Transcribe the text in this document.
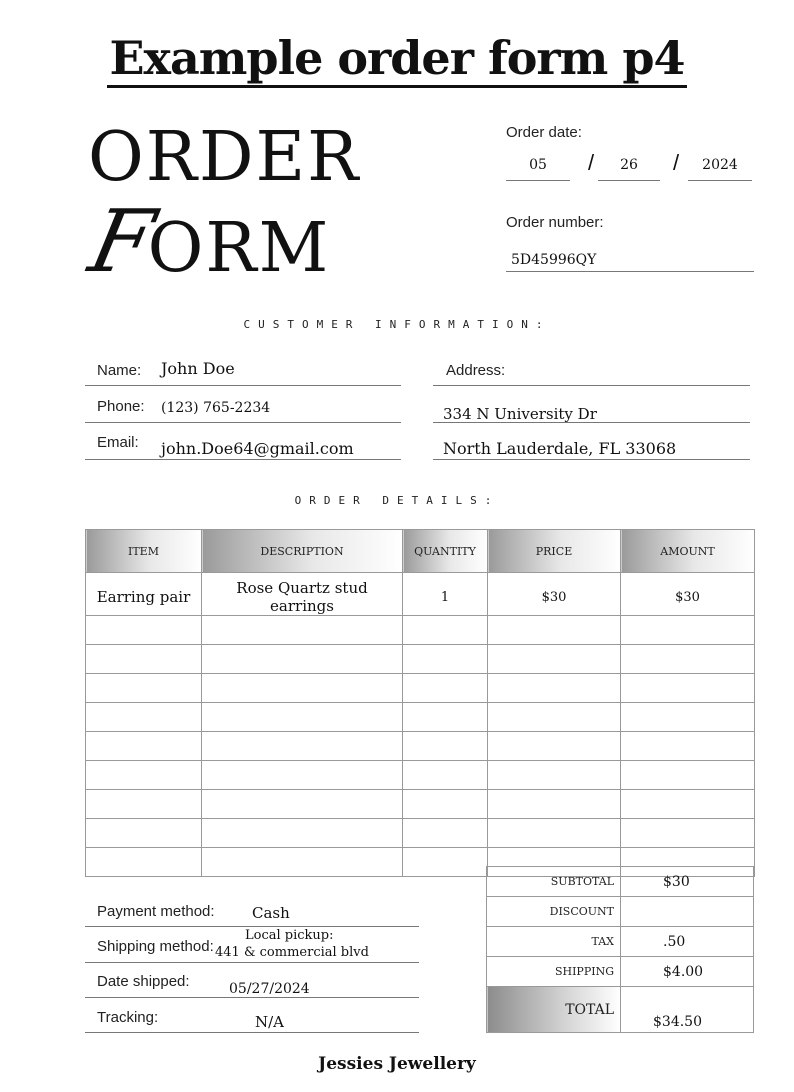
Example order form p4
ORDER
FORM
Order date:
05	/	26	/	2024
Order number:
5D45996QY
CUSTOMER INFORMATION:
Name: John Doe
Phone: (123) 765-2234
Email: john.Doe64@gmail.com
Address:
334 N University Dr
North Lauderdale, FL 33068
ORDER DETAILS:
ITEM	DESCRIPTION	QUANTITY	PRICE	AMOUNT
Earring pair	Rose Quartz stud earrings	1	$30	$30

Payment method: Cash
Shipping method:
Local pickup:
441 & commercial blvd
Date shipped:	05/27/2024
Tracking:	N/A
SUBTOTAL	$30
DISCOUNT	
TAX	.50
SHIPPING	$4.00
TOTAL	$34.50
Jessies Jewellery
